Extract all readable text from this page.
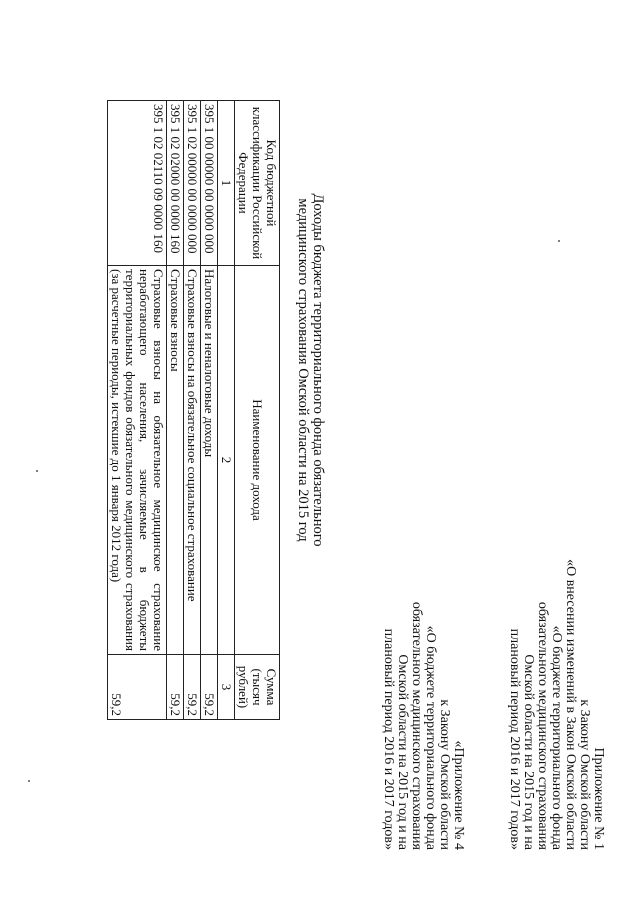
Приложение № 1
к Закону Омской области
«О внесении изменений в Закон Омской области
«О бюджете территориального фонда
обязательного медицинского страхования
Омской области на 2015 год и на
плановый период 2016 и 2017 годов»
«Приложение № 4
к Закону Омской области
«О бюджете территориального фонда
обязательного медицинского страхования
Омской области на 2015 год и на
плановый период 2016 и 2017 годов»
Доходы бюджета территориального фонда обязательного
медицинского страхования Омской области на 2015 год
Код бюджетной классификации Российской Федерации	Наименование дохода	Сумма (тысяч рублей)
1	2	3
395 1 00 00000 00 0000 000	Налоговые и неналоговые доходы	59,2
395 1 02 00000 00 0000 000	Страховые взносы на обязательное социальное страхование	59,2
395 1 02 02000 00 0000 160	Страховые взносы	59,2
395 1 02 02110 09 0000 160	Страховые взносы на обязательное медицинское страхование неработающего населения, зачисляемые в бюджеты территориальных фондов обязательного медицинского страхования (за расчетные периоды, истекшие до 1 января 2012 года)	59,2
